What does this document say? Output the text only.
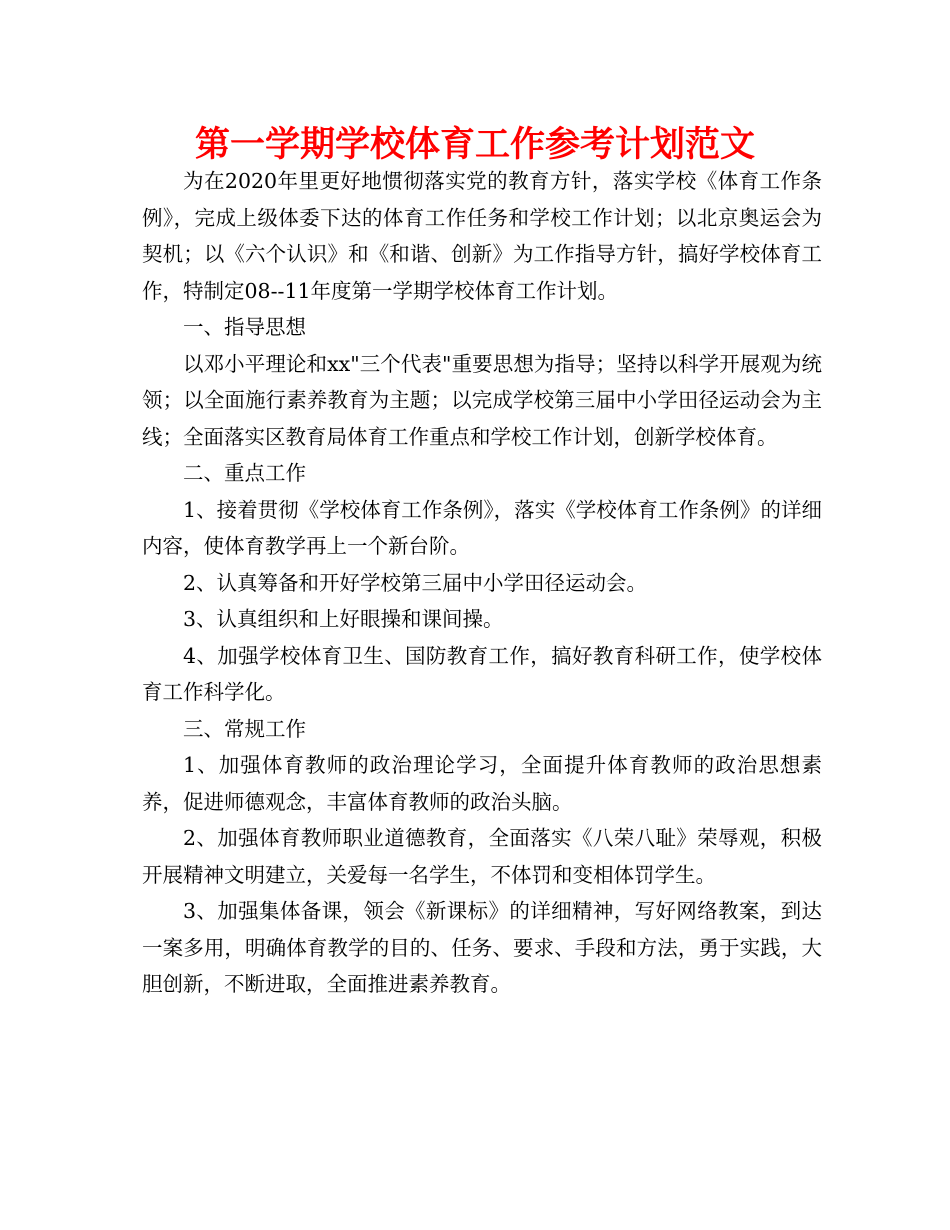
第一学期学校体育工作参考计划范文

为在2020年里更好地惯彻落实党的教育方针，落实学校《体育工作条例》，完成上级体委下达的体育工作任务和学校工作计划；以北京奥运会为契机；以《六个认识》和《和谐、创新》为工作指导方针，搞好学校体育工作，特制定08--11年度第一学期学校体育工作计划。

一、指导思想

以邓小平理论和xx"三个代表"重要思想为指导；坚持以科学开展观为统领；以全面施行素养教育为主题；以完成学校第三届中小学田径运动会为主线；全面落实区教育局体育工作重点和学校工作计划，创新学校体育。

二、重点工作

1、接着贯彻《学校体育工作条例》，落实《学校体育工作条例》的详细内容，使体育教学再上一个新台阶。

2、认真筹备和开好学校第三届中小学田径运动会。

3、认真组织和上好眼操和课间操。

4、加强学校体育卫生、国防教育工作，搞好教育科研工作，使学校体育工作科学化。

三、常规工作

1、加强体育教师的政治理论学习，全面提升体育教师的政治思想素养，促进师德观念，丰富体育教师的政治头脑。

2、加强体育教师职业道德教育，全面落实《八荣八耻》荣辱观，积极开展精神文明建立，关爱每一名学生，不体罚和变相体罚学生。

3、加强集体备课，领会《新课标》的详细精神，写好网络教案，到达一案多用，明确体育教学的目的、任务、要求、手段和方法，勇于实践，大胆创新，不断进取，全面推进素养教育。
